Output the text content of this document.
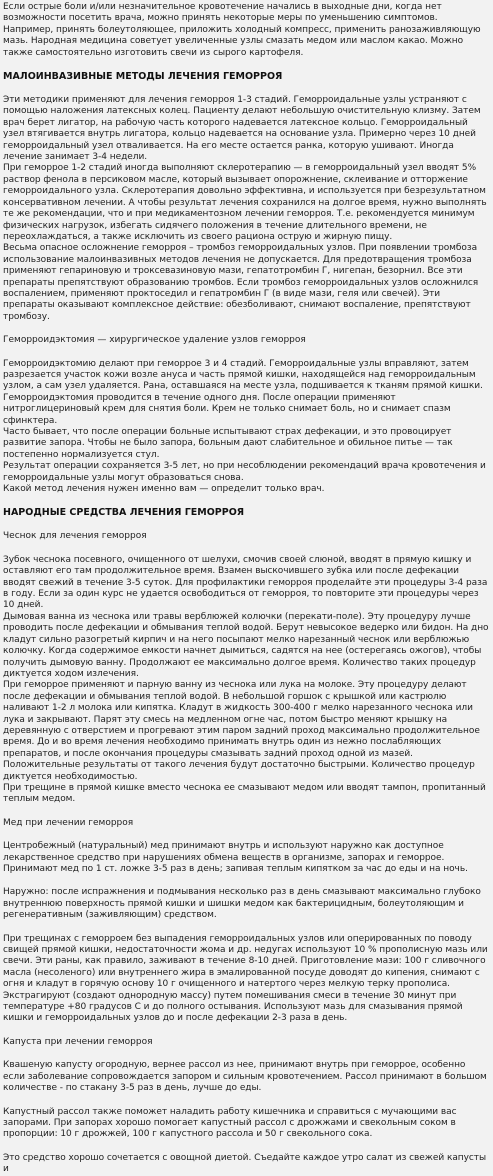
Если острые боли и/или незначительное кровотечение начались в выходные дни, когда нет возможности посетить врача, можно принять некоторые меры по уменьшению симптомов. Например, принять болеутоляющее, приложить холодный компресс, применить ранозаживляющую мазь. Народная медицина советует увеличенные узлы смазать медом или маслом какао. Можно также самостоятельно изготовить свечи из сырого картофеля.

МАЛОИНВАЗИВНЫЕ МЕТОДЫ ЛЕЧЕНИЯ ГЕМОРРОЯ

Эти методики применяют для лечения геморроя 1-3 стадий. Геморроидальные узлы устраняют с помощью наложения латексных колец. Пациенту делают небольшую очистительную клизму. Затем врач берет лигатор, на рабочую часть которого надевается латексное кольцо. Геморроидальный узел втягивается внутрь лигатора, кольцо надевается на основание узла. Примерно через 10 дней геморроидальный узел отваливается. На его месте остается ранка, которую ушивают. Иногда лечение занимает 3-4 недели.

При геморрое 1-2 стадий иногда выполняют склеротерапию — в геморроидальный узел вводят 5% раствор фенола в персиковом масле, который вызывает опорожнение, склеивание и отторжение геморроидального узла. Склеротерапия довольно эффективна, и используется при безрезультатном консервативном лечении. А чтобы результат лечения сохранился на долгое время, нужно выполнять те же рекомендации, что и при медикаментозном лечении геморроя. Т.е. рекомендуется минимум физических нагрузок, избегать сидячего положения в течение длительного времени, не переохлаждаться, а также исключить из своего рациона острую и жирную пищу.

Весьма опасное осложнение геморроя – тромбоз геморроидальных узлов. При появлении тромбоза использование малоинвазивных методов лечения не допускается. Для предотвращения тромбоза применяют гепариновую и троксевазиновую мази, гепатотромбин Г, нигепан, безорнил. Все эти препараты препятствуют образованию тромбов. Если тромбоз геморроидальных узлов осложнился воспалением, применяют проктоседил и гепатромбин Г (в виде мази, геля или свечей). Эти препараты оказывают комплексное действие: обезболивают, снимают воспаление, препятствуют тромбозу.

Геморроидэктомия — хирургическое удаление узлов геморроя

Геморроидэктомию делают при геморрое 3 и 4 стадий. Геморроидальные узлы вправляют, затем разрезается участок кожи возле ануса и часть прямой кишки, находящейся над геморроидальным узлом, а сам узел удаляется. Рана, оставшаяся на месте узла, подшивается к тканям прямой кишки. Геморроидэктомия проводится в течение одного дня. После операции применяют нитроглицериновый крем для снятия боли. Крем не только снимает боль, но и снимает спазм сфинктера.

Часто бывает, что после операции больные испытывают страх дефекации, и это провоцирует развитие запора. Чтобы не было запора, больным дают слабительное и обильное питье — так постепенно нормализуется стул.

Результат операции сохраняется 3-5 лет, но при несоблюдении рекомендаций врача кровотечения и геморроидальные узлы могут образоваться снова.

Какой метод лечения нужен именно вам — определит только врач.

НАРОДНЫЕ СРЕДСТВА ЛЕЧЕНИЯ ГЕМОРРОЯ
Чеснок для лечения геморроя

Зубок чеснока посевного, очищенного от шелухи, смочив своей слюной, вводят в прямую кишку и оставляют его там продолжительное время. Взамен выскочившего зубка или после дефекации вводят свежий в течение 3-5 суток. Для профилактики геморроя проделайте эти процедуры 3-4 раза в году. Если за один курс не удается освободиться от геморроя, то повторите эти процедуры через 10 дней.

Дымовая ванна из чеснока или травы верблюжей колючки (перекати-поле). Эту процедуру лучше проводить после дефекации и обмывания теплой водой. Берут невысокое ведерко или бидон. На дно кладут сильно разогретый кирпич и на него посыпают мелко нарезанный чеснок или верблюжью колючку. Когда содержимое емкости начнет дымиться, садятся на нее (остерегаясь ожогов), чтобы получить дымовую ванну. Продолжают ее максимально долгое время. Количество таких процедур диктуется ходом излечения.

При геморрое применяют и парную ванну из чеснока или лука на молоке. Эту процедуру делают после дефекации и обмывания теплой водой. В небольшой горшок с крышкой или кастрюлю наливают 1-2 л молока или кипятка. Кладут в жидкость 300-400 г мелко нарезанного чеснока или лука и закрывают. Парят эту смесь на медленном огне час, потом быстро меняют крышку на деревянную с отверстием и прогревают этим паром задний проход максимально продолжительное время. До и во время лечения необходимо принимать внутрь один из нежно послабляющих препаратов, и после окончания процедуры смазывать задний проход одной из мазей. Положительные результаты от такого лечения будут достаточно быстрыми. Количество процедур диктуется необходимостью.

При трещине в прямой кишке вместо чеснока ее смазывают медом или вводят тампон, пропитанный теплым медом.

Мед при лечении геморроя

Центробежный (натуральный) мед принимают внутрь и используют наружно как доступное лекарственное средство при нарушениях обмена веществ в организме, запорах и геморрое. Принимают мед по 1 ст. ложке 3-5 раз в день; запивая теплым кипятком за час до еды и на ночь.

Наружно: после испражнения и подмывания несколько раз в день смазывают максимально глубоко внутреннюю поверхность прямой кишки и шишки медом как бактерицидным, болеутоляющим и регенеративным (заживляющим) средством.

При трещинах с геморроем без выпадения геморроидальных узлов или оперированных по поводу свищей прямой кишки, недостаточности жома и др. недугах используют 10 % прополисную мазь или свечи. Эти раны, как правило, заживают в течение 8-10 дней. Приготовление мази: 100 г сливочного масла (несоленого) или внутреннего жира в эмалированной посуде доводят до кипения, снимают с огня и кладут в горячую основу 10 г очищенного и натертого через мелкую терку прополиса. Экстрагируют (создают однородную массу) путем помешивания смеси в течение 30 минут при температуре +80 градусов С и до полного остывания. Используют мазь для смазывания прямой кишки и геморроидальных узлов до и после дефекации 2-3 раза в день.

Капуста при лечении геморроя

Квашеную капусту огородную, вернее рассол из нее, принимают внутрь при геморрое, особенно если заболевание сопровождается запором и сильным кровотечением. Рассол принимают в большом количестве - по стакану 3-5 раз в день, лучше до еды.

Капустный рассол также поможет наладить работу кишечника и справиться с мучающими вас запорами. При запорах хорошо помогает капустный рассол с дрожжами и свекольным соком в пропорции: 10 г дрожжей, 100 г капустного рассола и 50 г свекольного сока.

Это средство хорошо сочетается с овощной диетой. Съедайте каждое утро салат из свежей капусты и
